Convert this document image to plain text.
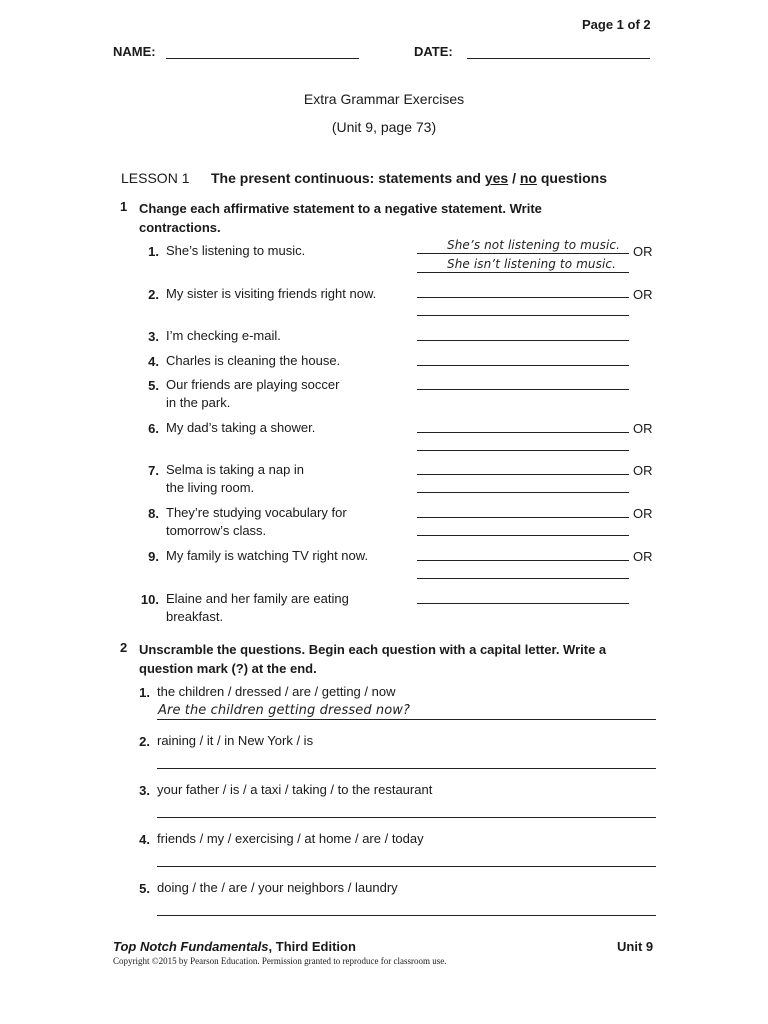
Page 1 of 2
NAME:	DATE:
Extra Grammar Exercises
(Unit 9, page 73)
LESSON 1 The present continuous: statements and yes / no questions
1 Change each affirmative statement to a negative statement. Write
contractions.
1. She’s listening to music.	She’s not listening to music. OR
She isn’t listening to music.
2. My sister is visiting friends right now.	OR
3. I’m checking e-mail.
4. Charles is cleaning the house.
5. Our friends are playing soccer
in the park.
6. My dad’s taking a shower.	OR
7. Selma is taking a nap in
the living room.
OR
8. They’re studying vocabulary for
tomorrow’s class.
OR
9. My family is watching TV right now.	OR
10. Elaine and her family are eating
breakfast.
2 Unscramble the questions. Begin each question with a capital letter. Write a
question mark (?) at the end.
1. the children / dressed / are / getting / now
Are the children getting dressed now?
2. raining / it / in New York / is
3. your father / is / a taxi / taking / to the restaurant
4. friends / my / exercising / at home / are / today
5. doing / the / are / your neighbors / laundry
Top Notch Fundamentals, Third Edition	Unit 9
Copyright ©2015 by Pearson Education. Permission granted to reproduce for classroom use.
